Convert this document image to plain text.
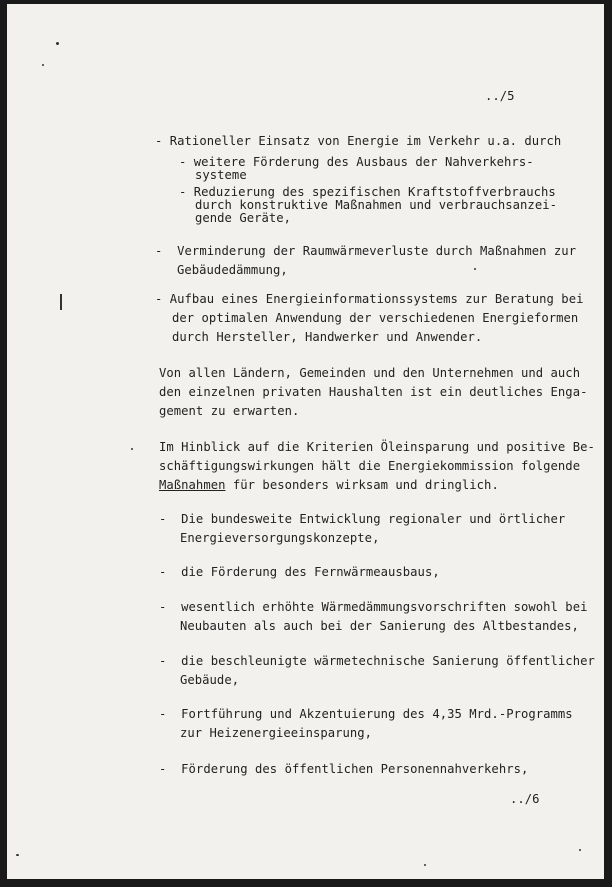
../5
- Rationeller Einsatz von Energie im Verkehr u.a. durch
- weitere Förderung des Ausbaus der Nahverkehrs-
systeme
- Reduzierung des spezifischen Kraftstoffverbrauchs
durch konstruktive Maßnahmen und verbrauchsanzei-
gende Geräte,
-  Verminderung der Raumwärmeverluste durch Maßnahmen zur
Gebäudedämmung,
- Aufbau eines Energieinformationssystems zur Beratung bei
der optimalen Anwendung der verschiedenen Energieformen
durch Hersteller, Handwerker und Anwender.
Von allen Ländern, Gemeinden und den Unternehmen und auch
den einzelnen privaten Haushalten ist ein deutliches Enga-
gement zu erwarten.
Im Hinblick auf die Kriterien Öleinsparung und positive Be-
schäftigungswirkungen hält die Energiekommission folgende
Maßnahmen für besonders wirksam und dringlich.
-  Die bundesweite Entwicklung regionaler und örtlicher
Energieversorgungskonzepte,
-  die Förderung des Fernwärmeausbaus,
-  wesentlich erhöhte Wärmedämmungsvorschriften sowohl bei
Neubauten als auch bei der Sanierung des Altbestandes,
-  die beschleunigte wärmetechnische Sanierung öffentlicher
Gebäude,
-  Fortführung und Akzentuierung des 4,35 Mrd.-Programms
zur Heizenergieeinsparung,
-  Förderung des öffentlichen Personennahverkehrs,
../6
